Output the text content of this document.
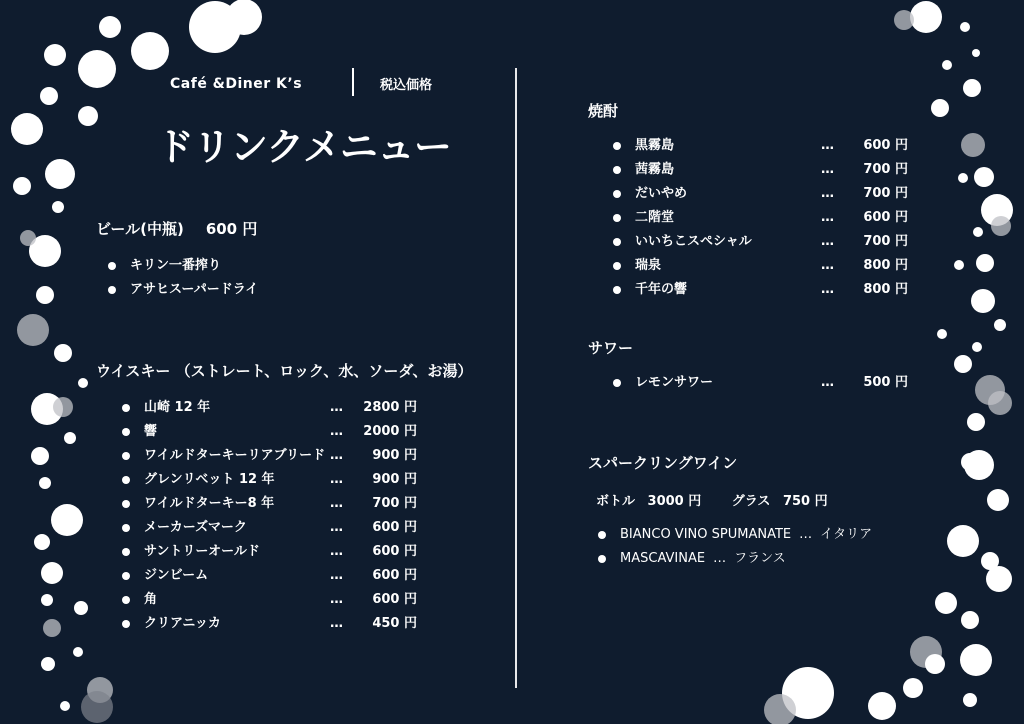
Café &Diner K’s	税込価格
ドリンクメニュー
ビール(中瓶) 600 円
キリン一番搾り
アサヒスーパードライ
ウイスキー （ストレート、ロック、水、ソーダ、お湯）
山崎 12 年	… 2800 円
響	… 2000 円
ワイルドターキーリアブリード … 900 円
グレンリベット 12 年	… 900 円
ワイルドターキー8 年	… 700 円
メーカーズマーク	… 600 円
サントリーオールド	… 600 円
ジンビーム	… 600 円
角	… 600 円
クリアニッカ	… 450 円
焼酎
黒霧島	… 600 円
茜霧島	… 700 円
だいやめ	… 700 円
二階堂	… 600 円
いいちこスペシャル	… 700 円
瑞泉	… 800 円
千年の響	… 800 円
サワー
レモンサワー	… 500 円
スパークリングワイン
ボトル 3000 円 グラス 750 円
BIANCO VINO SPUMANATE … イタリア
MASCAVINAE … フランス
